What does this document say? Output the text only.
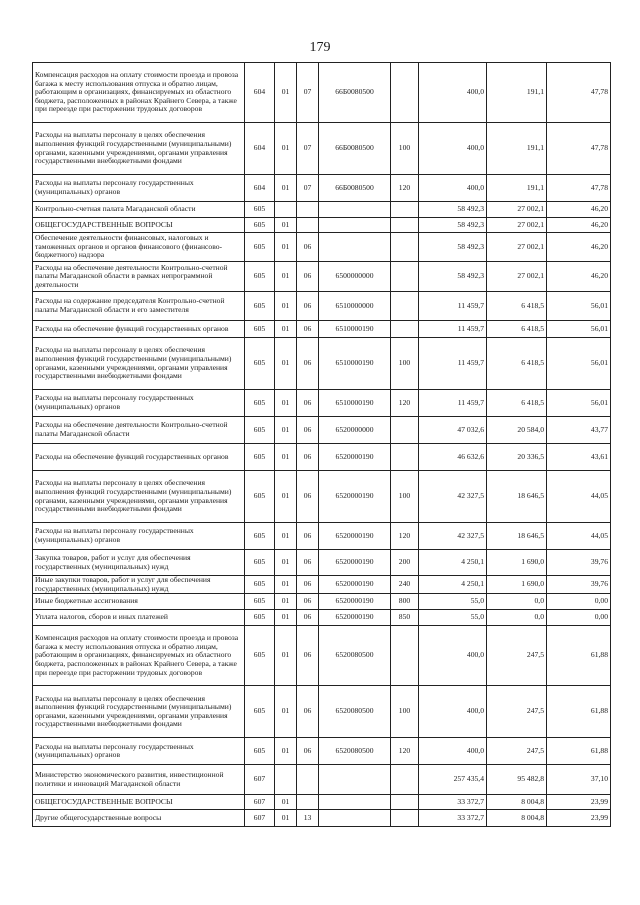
179
Компенсация расходов на оплату стоимости проезда и провоза багажа к месту использования отпуска и обратно лицам, работающим в организациях, финансируемых из областного бюджета, расположенных в районах Крайнего Севера, а также при переезде при расторжении трудовых договоров	604	01	07	66Б0080500		400,0	191,1	47,78
Расходы на выплаты персоналу в целях обеспечения выполнения функций государственными (муниципальными) органами, казенными учреждениями, органами управления государственными внебюджетными фондами	604	01	07	66Б0080500	100	400,0	191,1	47,78
Расходы на выплаты персоналу государственных (муниципальных) органов	604	01	07	66Б0080500	120	400,0	191,1	47,78
Контрольно-счетная палата Магаданской области	605					58 492,3	27 002,1	46,20
ОБЩЕГОСУДАРСТВЕННЫЕ ВОПРОСЫ	605	01				58 492,3	27 002,1	46,20
Обеспечение деятельности финансовых, налоговых и таможенных органов и органов финансового (финансово-бюджетного) надзора	605	01	06			58 492,3	27 002,1	46,20
Расходы на обеспечение деятельности Контрольно-счетной палаты Магаданской области в рамках непрограммной деятельности	605	01	06	6500000000		58 492,3	27 002,1	46,20
Расходы на содержание председателя Контрольно-счетной палаты Магаданской области и его заместителя	605	01	06	6510000000		11 459,7	6 418,5	56,01
Расходы на обеспечение функций государственных органов	605	01	06	6510000190		11 459,7	6 418,5	56,01
Расходы на выплаты персоналу в целях обеспечения выполнения функций государственными (муниципальными) органами, казенными учреждениями, органами управления государственными внебюджетными фондами	605	01	06	6510000190	100	11 459,7	6 418,5	56,01
Расходы на выплаты персоналу государственных (муниципальных) органов	605	01	06	6510000190	120	11 459,7	6 418,5	56,01
Расходы на обеспечение деятельности Контрольно-счетной палаты Магаданской области	605	01	06	6520000000		47 032,6	20 584,0	43,77
Расходы на обеспечение функций государственных органов	605	01	06	6520000190		46 632,6	20 336,5	43,61
Расходы на выплаты персоналу в целях обеспечения выполнения функций государственными (муниципальными) органами, казенными учреждениями, органами управления государственными внебюджетными фондами	605	01	06	6520000190	100	42 327,5	18 646,5	44,05
Расходы на выплаты персоналу государственных (муниципальных) органов	605	01	06	6520000190	120	42 327,5	18 646,5	44,05
Закупка товаров, работ и услуг для обеспечения государственных (муниципальных) нужд	605	01	06	6520000190	200	4 250,1	1 690,0	39,76
Иные закупки товаров, работ и услуг для обеспечения государственных (муниципальных) нужд	605	01	06	6520000190	240	4 250,1	1 690,0	39,76
Иные бюджетные ассигнования	605	01	06	6520000190	800	55,0	0,0	0,00
Уплата налогов, сборов и иных платежей	605	01	06	6520000190	850	55,0	0,0	0,00
Компенсация расходов на оплату стоимости проезда и провоза багажа к месту использования отпуска и обратно лицам, работающим в организациях, финансируемых из областного бюджета, расположенных в районах Крайнего Севера, а также при переезде при расторжении трудовых договоров	605	01	06	6520080500		400,0	247,5	61,88
Расходы на выплаты персоналу в целях обеспечения выполнения функций государственными (муниципальными) органами, казенными учреждениями, органами управления государственными внебюджетными фондами	605	01	06	6520080500	100	400,0	247,5	61,88
Расходы на выплаты персоналу государственных (муниципальных) органов	605	01	06	6520080500	120	400,0	247,5	61,88
Министерство экономического развития, инвестиционной политики и инноваций Магаданской области	607					257 435,4	95 482,8	37,10
ОБЩЕГОСУДАРСТВЕННЫЕ ВОПРОСЫ	607	01				33 372,7	8 004,8	23,99
Другие общегосударственные вопросы	607	01	13			33 372,7	8 004,8	23,99
